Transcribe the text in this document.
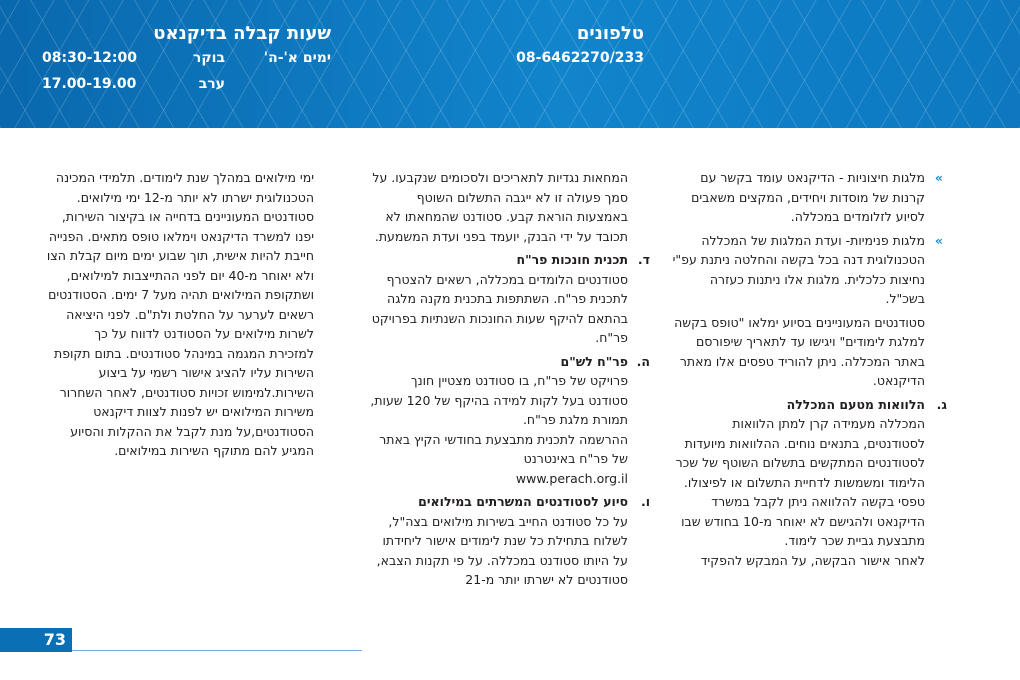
טלפונים
08-6462270/233
שעות קבלה בדיקנאט
ימים א'-ה'
בוקר
ערב
08:30-12:00
17.00-19.00
»

מלגות חיצוניות - הדיקנאט עומד בקשר עם קרנות של מוסדות ויחידים, המקצים משאבים לסיוע לזלומדים במכללה.

»

מלגות פנימיות- ועדת המלגות של המכללה הטכנולוגית דנה בכל בקשה והחלטה ניתנת עפ"י נחיצות כלכלית. מלגות אלו ניתנות כעזרה בשכ"ל.

סטודנטים המעוניינים בסיוע ימלאו "טופס בקשה למלגת לימודים" ויגישו עד לתאריך שיפורסם באתר המכללה. ניתן להוריד טפסים אלו מאתר הדיקנאט.

ג.

הלוואות מטעם המכללה

המכללה מעמידה קרן למתן הלוואות לסטודנטים, בתנאים נוחים. ההלוואות מיועדות לסטודנטים המתקשים בתשלום השוטף של שכר הלימוד ומשמשות לדחיית התשלום או לפיצולו.

טפסי בקשה להלוואה ניתן לקבל במשרד הדיקנאט ולהגישם לא יאוחר מ-10 בחודש שבו מתבצעת גביית שכר לימוד.

לאחר אישור הבקשה, על המבקש להפקיד

המחאות נגדיות לתאריכים ולסכומים שנקבעו. על סמך פעולה זו לא ייגבה התשלום השוטף באמצעות הוראת קבע. סטודנט שהמחאתו לא תכובד על ידי הבנק, יועמד בפני ועדת המשמעת.

ד.

תכנית חונכות פר"ח

סטודנטים הלומדים במכללה, רשאים להצטרף לתכנית פר"ח. השתתפות בתכנית מקנה מלגה בהתאם להיקף שעות החונכות השנתיות בפרויקט פר"ח.

ה.

פר"ח לש"ם

פרויקט של פר"ח, בו סטודנט מצטיין חונך סטודנט בעל לקות למידה בהיקף של 120 שעות, תמורת מלגת פר"ח.

ההרשמה לתכנית מתבצעת בחודשי הקיץ באתר של פר"ח באינטרנט

www.perach.org.il

ו.

סיוע לסטודנטים המשרתים במילואים

על כל סטודנט החייב בשירות מילואים בצה"ל, לשלוח בתחילת כל שנת לימודים אישור ליחידתו על היותו סטודנט במכללה. על פי תקנות הצבא, סטודנטים לא ישרתו יותר מ-21

ימי מילואים במהלך שנת לימודים. תלמידי המכינה הטכנולוגית ישרתו לא יותר מ-12 ימי מילואים. סטודנטים המעוניינים בדחייה או בקיצור השירות, יפנו למשרד הדיקנאט וימלאו טופס מתאים. הפנייה חייבת להיות אישית, תוך שבוע ימים מיום קבלת הצו ולא יאוחר מ-40 יום לפני ההתייצבות למילואים, ושתקופת המילואים תהיה מעל 7 ימים. הסטודנטים רשאים לערער על החלטת ולת"ם. לפני היציאה לשרות מילואים על הסטודנט לדווח על כך למזכירת המגמה במינהל סטודנטים. בתום תקופת השירות עליו להציג אישור רשמי על ביצוע השירות.למימוש זכויות סטודנטים, לאחר השחרור משירות המילואים יש לפנות לצוות דיקנאט הסטודנטים,על מנת לקבל את ההקלות והסיוע המגיע להם מתוקף השירות במילואים.

73
